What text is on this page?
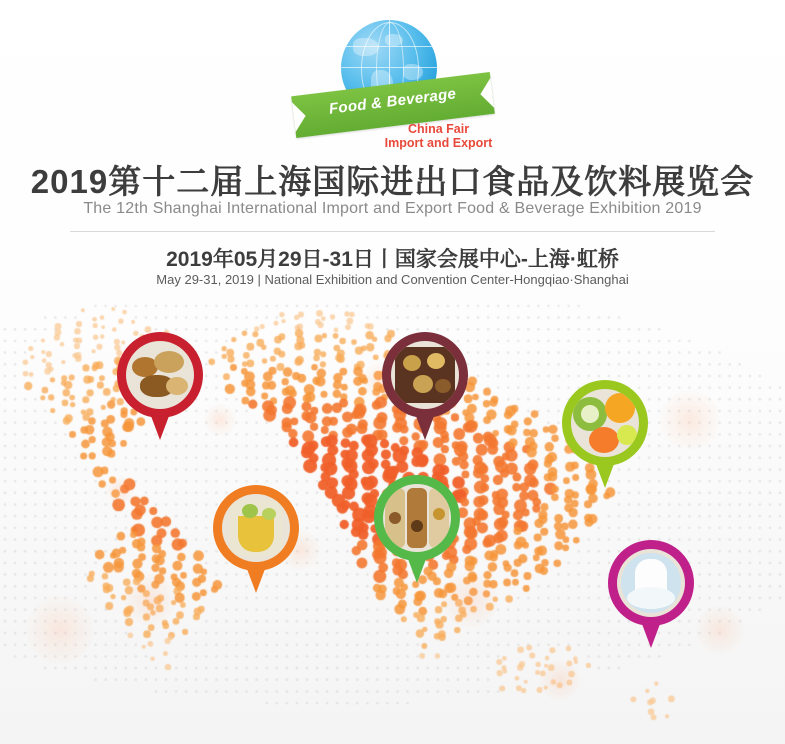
Food & Beverage
China Fair
Import and Export
2019第十二届上海国际进出口食品及饮料展览会
The 12th Shanghai International Import and Export Food & Beverage Exhibition 2019
2019年05月29日-31日丨国家会展中心-上海·虹桥
May 29-31, 2019 | National Exhibition and Convention Center-Hongqiao·Shanghai
